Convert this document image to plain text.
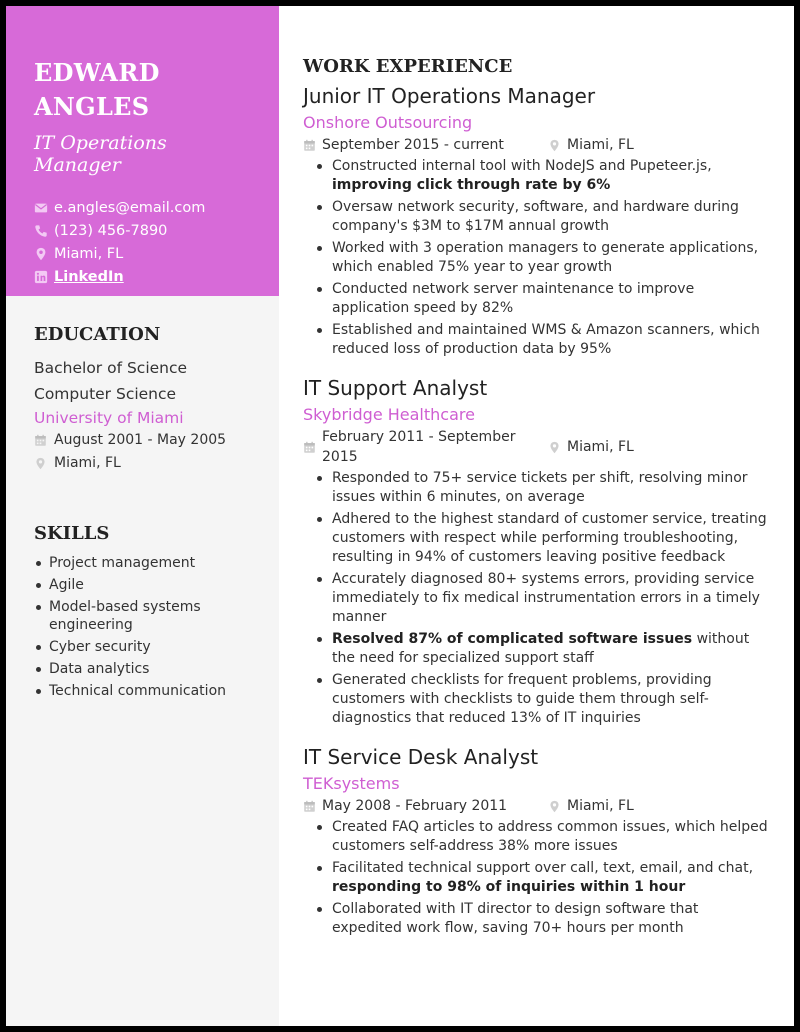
EDWARD
ANGLES
IT Operations Manager
e.angles@email.com
(123) 456-7890
Miami, FL
LinkedIn
EDUCATION
Bachelor of Science
Computer Science
University of Miami
August 2001 - May 2005
Miami, FL
SKILLS
Project management
Agile
Model-based systems engineering
Cyber security
Data analytics
Technical communication
WORK EXPERIENCE
Junior IT Operations Manager
Onshore Outsourcing
September 2015 - current	Miami, FL
Constructed internal tool with NodeJS and Pupeteer.js, improving click through rate by 6%
Oversaw network security, software, and hardware during company's $3M to $17M annual growth
Worked with 3 operation managers to generate applications, which enabled 75% year to year growth
Conducted network server maintenance to improve application speed by 82%
Established and maintained WMS & Amazon scanners, which reduced loss of production data by 95%
IT Support Analyst
Skybridge Healthcare
February 2011 - September 2015
Miami, FL
Responded to 75+ service tickets per shift, resolving minor issues within 6 minutes, on average
Adhered to the highest standard of customer service, treating customers with respect while performing troubleshooting, resulting in 94% of customers leaving positive feedback
Accurately diagnosed 80+ systems errors, providing service immediately to fix medical instrumentation errors in a timely manner
Resolved 87% of complicated software issues without the need for specialized support staff
Generated checklists for frequent problems, providing customers with checklists to guide them through self-diagnostics that reduced 13% of IT inquiries
IT Service Desk Analyst
TEKsystems
May 2008 - February 2011	Miami, FL
Created FAQ articles to address common issues, which helped customers self-address 38% more issues
Facilitated technical support over call, text, email, and chat, responding to 98% of inquiries within 1 hour
Collaborated with IT director to design software that expedited work flow, saving 70+ hours per month
